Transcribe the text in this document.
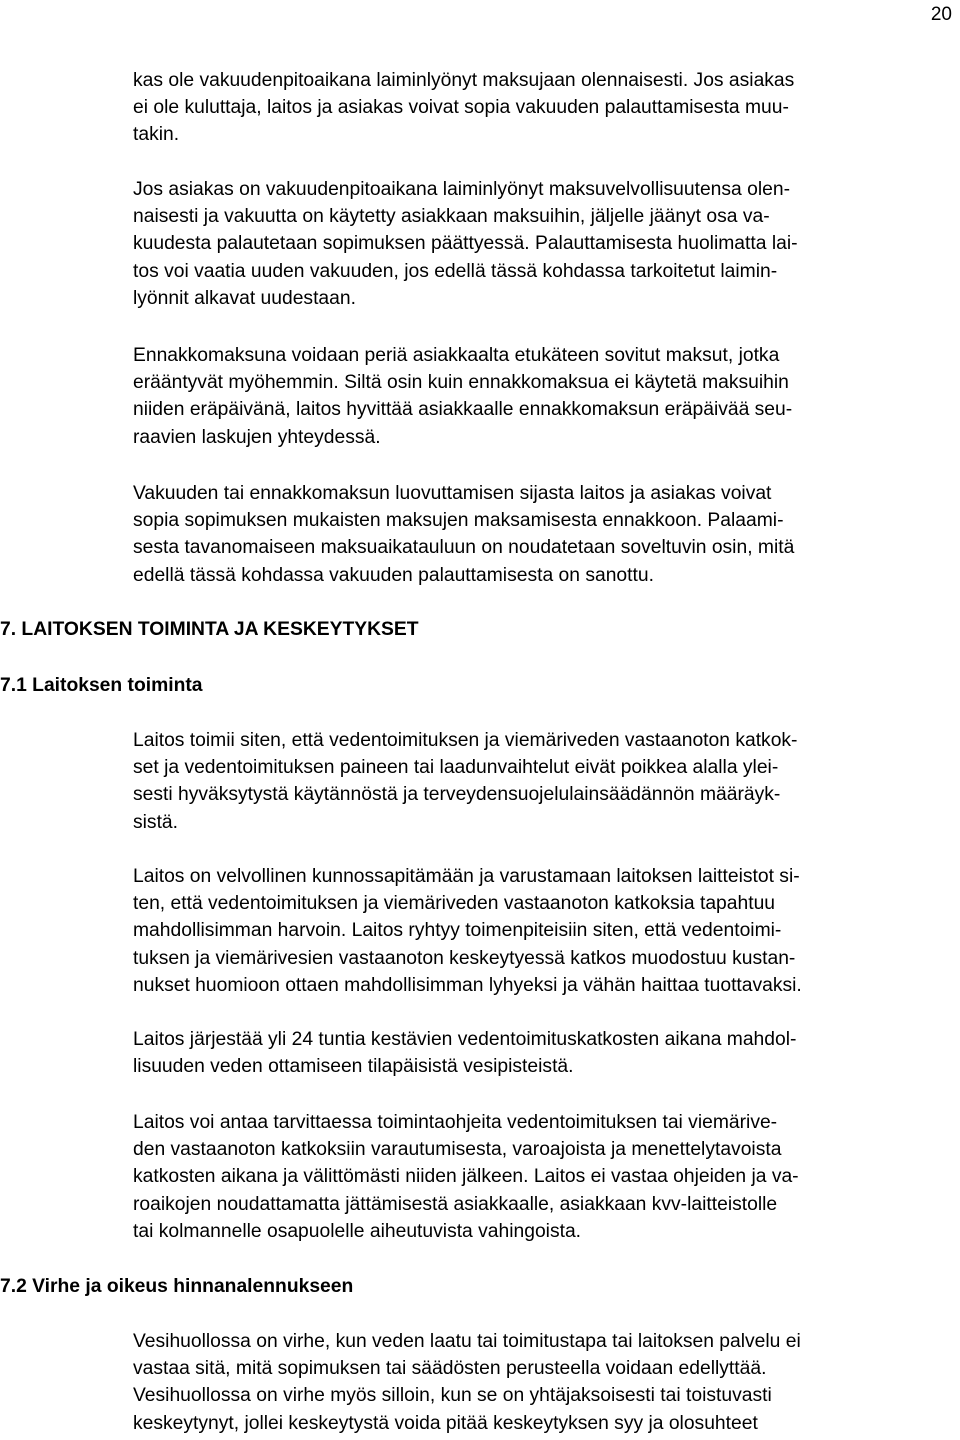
20

kas ole vakuudenpitoaikana laiminlyönyt maksujaan olennaisesti. Jos asiakas
ei ole kuluttaja, laitos ja asiakas voivat sopia vakuuden palauttamisesta muu-
takin.

Jos asiakas on vakuudenpitoaikana laiminlyönyt maksuvelvollisuutensa olen-
naisesti ja vakuutta on käytetty asiakkaan maksuihin, jäljelle jäänyt osa va-
kuudesta palautetaan sopimuksen päättyessä. Palauttamisesta huolimatta lai-
tos voi vaatia uuden vakuuden, jos edellä tässä kohdassa tarkoitetut laimin-
lyönnit alkavat uudestaan.

Ennakkomaksuna voidaan periä asiakkaalta etukäteen sovitut maksut, jotka
erääntyvät myöhemmin. Siltä osin kuin ennakkomaksua ei käytetä maksuihin
niiden eräpäivänä, laitos hyvittää asiakkaalle ennakkomaksun eräpäivää seu-
raavien laskujen yhteydessä.

Vakuuden tai ennakkomaksun luovuttamisen sijasta laitos ja asiakas voivat
sopia sopimuksen mukaisten maksujen maksamisesta ennakkoon. Palaami-
sesta tavanomaiseen maksuaikatauluun on noudatetaan soveltuvin osin, mitä
edellä tässä kohdassa vakuuden palauttamisesta on sanottu.

7. LAITOKSEN TOIMINTA JA KESKEYTYKSET
7.1 Laitoksen toiminta

Laitos toimii siten, että vedentoimituksen ja viemäriveden vastaanoton katkok-
set ja vedentoimituksen paineen tai laadunvaihtelut eivät poikkea alalla ylei-
sesti hyväksytystä käytännöstä ja terveydensuojelulainsäädännön määräyk-
sistä.

Laitos on velvollinen kunnossapitämään ja varustamaan laitoksen laitteistot si-
ten, että vedentoimituksen ja viemäriveden vastaanoton katkoksia tapahtuu
mahdollisimman harvoin. Laitos ryhtyy toimenpiteisiin siten, että vedentoimi-
tuksen ja viemärivesien vastaanoton keskeytyessä katkos muodostuu kustan-
nukset huomioon ottaen mahdollisimman lyhyeksi ja vähän haittaa tuottavaksi.

Laitos järjestää yli 24 tuntia kestävien vedentoimituskatkosten aikana mahdol-
lisuuden veden ottamiseen tilapäisistä vesipisteistä.

Laitos voi antaa tarvittaessa toimintaohjeita vedentoimituksen tai viemärive-
den vastaanoton katkoksiin varautumisesta, varoajoista ja menettelytavoista
katkosten aikana ja välittömästi niiden jälkeen. Laitos ei vastaa ohjeiden ja va-
roaikojen noudattamatta jättämisestä asiakkaalle, asiakkaan kvv-laitteistolle
tai kolmannelle osapuolelle aiheutuvista vahingoista.

7.2 Virhe ja oikeus hinnanalennukseen

Vesihuollossa on virhe, kun veden laatu tai toimitustapa tai laitoksen palvelu ei
vastaa sitä, mitä sopimuksen tai säädösten perusteella voidaan edellyttää.
Vesihuollossa on virhe myös silloin, kun se on yhtäjaksoisesti tai toistuvasti
keskeytynyt, jollei keskeytystä voida pitää keskeytyksen syy ja olosuhteet
